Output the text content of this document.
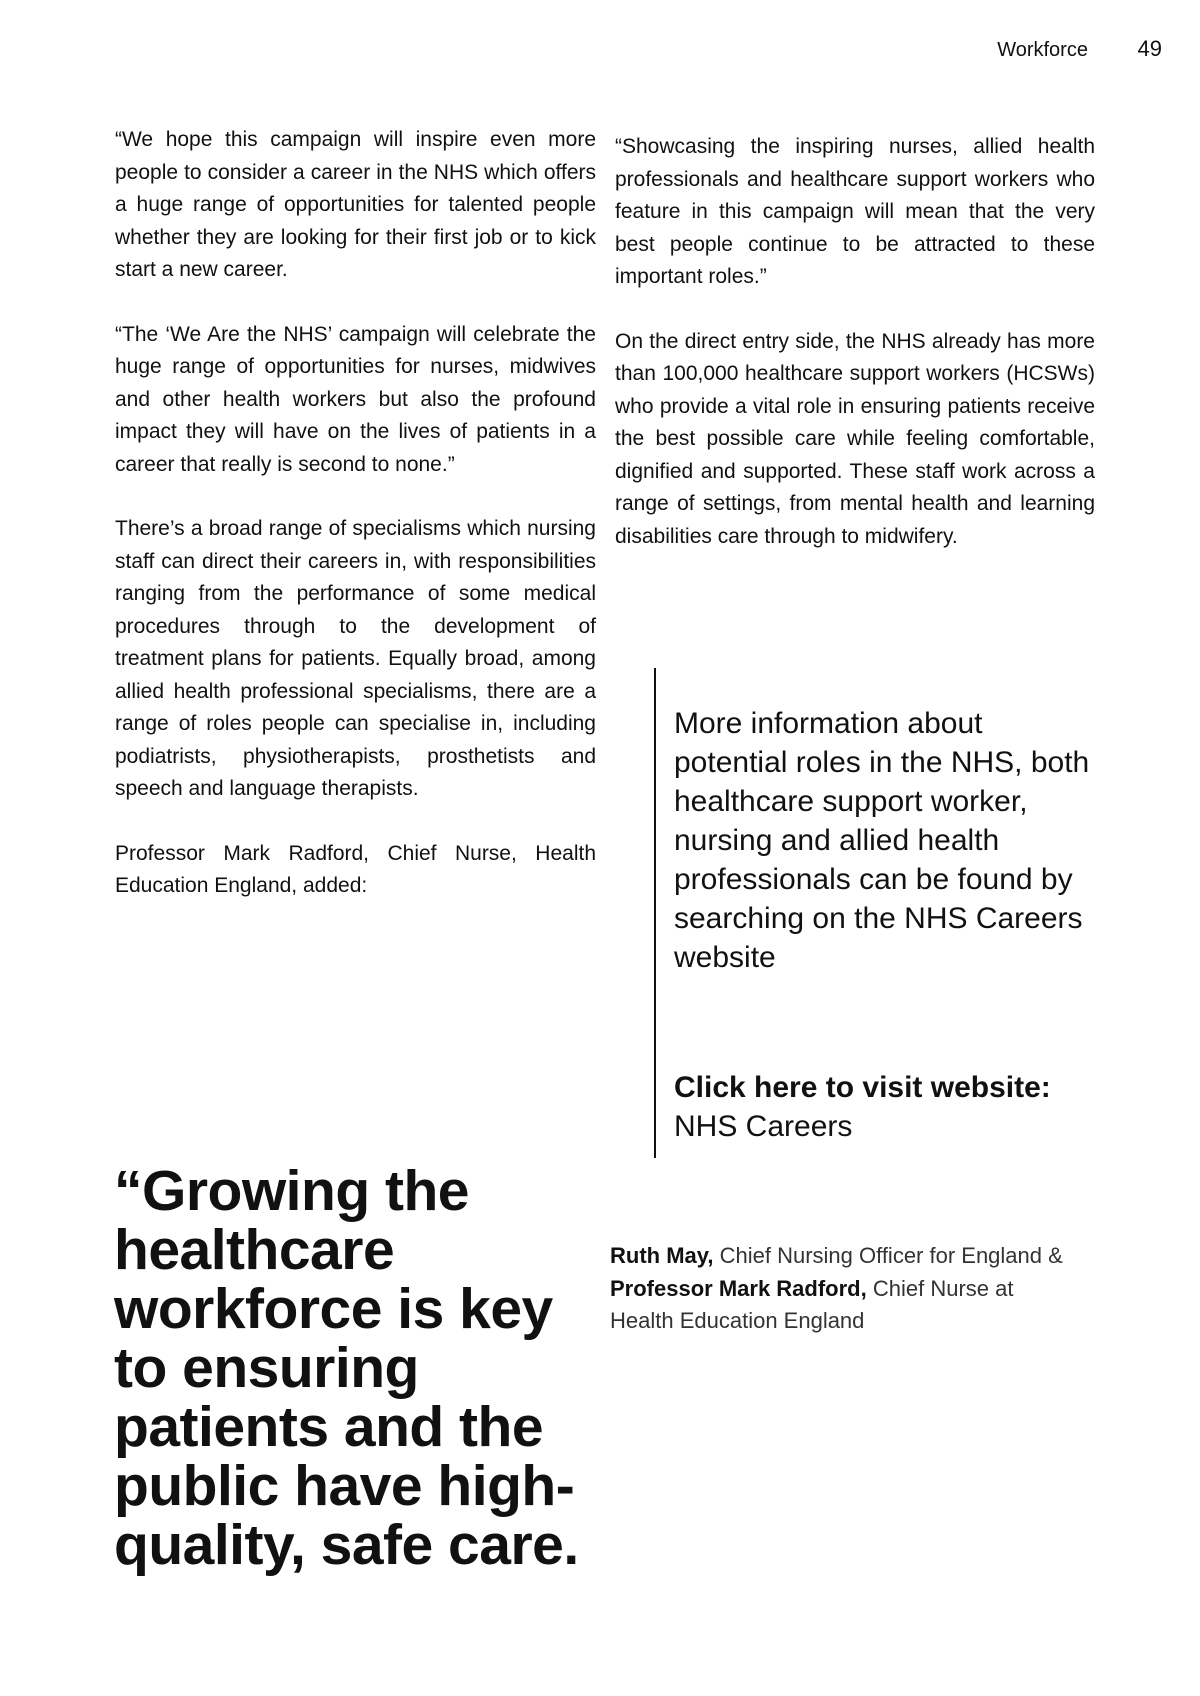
Workforce 49

“We hope this campaign will inspire even more people to consider a career in the NHS which offers a huge range of opportunities for talented people whether they are looking for their first job or to kick start a new career.

“The ‘We Are the NHS’ campaign will celebrate the huge range of opportunities for nurses, midwives and other health workers but also the profound impact they will have on the lives of patients in a career that really is second to none.”

There’s a broad range of specialisms which nursing staff can direct their careers in, with responsibilities ranging from the performance of some medical procedures through to the development of treatment plans for patients. Equally broad, among allied health professional specialisms, there are a range of roles people can specialise in, including podiatrists, physiotherapists, prosthetists and speech and language therapists.

Professor Mark Radford, Chief Nurse, Health Education England, added:

“Showcasing the inspiring nurses, allied health professionals and healthcare support workers who feature in this campaign will mean that the very best people continue to be attracted to these important roles.”

On the direct entry side, the NHS already has more than 100,000 healthcare support workers (HCSWs) who provide a vital role in ensuring patients receive the best possible care while feeling comfortable, dignified and supported. These staff work across a range of settings, from mental health and learning disabilities care through to midwifery.

More information about potential roles in the NHS, both healthcare support worker, nursing and allied health professionals can be found by searching on the NHS Careers website
Click here to visit website:
NHS Careers
“Growing the healthcare workforce is key to ensuring patients and the public have high-quality, safe care.
Ruth May, Chief Nursing Officer for England & Professor Mark Radford, Chief Nurse at Health Education England
